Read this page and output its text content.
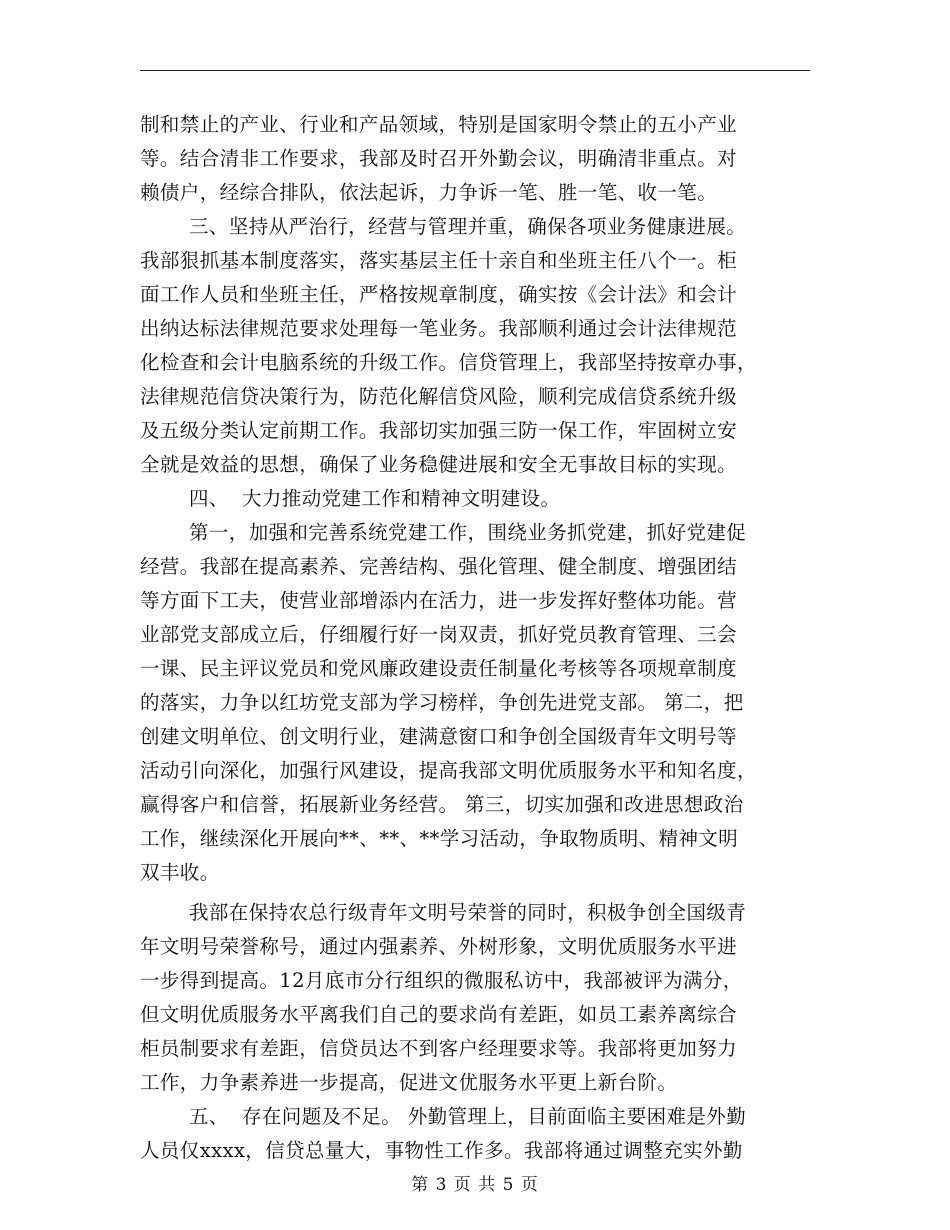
制和禁止的产业、行业和产品领域，特别是国家明令禁止的五小产业
等。结合清非工作要求，我部及时召开外勤会议，明确清非重点。对
赖债户，经综合排队，依法起诉，力争诉一笔、胜一笔、收一笔。
三、坚持从严治行，经营与管理并重，确保各项业务健康进展。
我部狠抓基本制度落实，落实基层主任十亲自和坐班主任八个一。柜
面工作人员和坐班主任，严格按规章制度，确实按《会计法》和会计
出纳达标法律规范要求处理每一笔业务。我部顺利通过会计法律规范
化检查和会计电脑系统的升级工作。信贷管理上，我部坚持按章办事，
法律规范信贷决策行为，防范化解信贷风险，顺利完成信贷系统升级
及五级分类认定前期工作。我部切实加强三防一保工作，牢固树立安
全就是效益的思想，确保了业务稳健进展和安全无事故目标的实现。
四、  大力推动党建工作和精神文明建设。
第一，加强和完善系统党建工作，围绕业务抓党建，抓好党建促
经营。我部在提高素养、完善结构、强化管理、健全制度、增强团结
等方面下工夫，使营业部增添内在活力，进一步发挥好整体功能。营
业部党支部成立后，仔细履行好一岗双责，抓好党员教育管理、三会
一课、民主评议党员和党风廉政建设责任制量化考核等各项规章制度
的落实，力争以红坊党支部为学习榜样，争创先进党支部。 第二，把
创建文明单位、创文明行业，建满意窗口和争创全国级青年文明号等
活动引向深化，加强行风建设，提高我部文明优质服务水平和知名度，
赢得客户和信誉，拓展新业务经营。 第三，切实加强和改进思想政治
工作，继续深化开展向**、**、**学习活动，争取物质明、精神文明
双丰收。
我部在保持农总行级青年文明号荣誉的同时，积极争创全国级青
年文明号荣誉称号，通过内强素养、外树形象，文明优质服务水平进
一步得到提高。12月底市分行组织的微服私访中，我部被评为满分，
但文明优质服务水平离我们自己的要求尚有差距，如员工素养离综合
柜员制要求有差距，信贷员达不到客户经理要求等。我部将更加努力
工作，力争素养进一步提高，促进文优服务水平更上新台阶。
五、  存在问题及不足。 外勤管理上，目前面临主要困难是外勤
人员仅xxxx，信贷总量大，事物性工作多。我部将通过调整充实外勤
第 3 页 共 5 页
